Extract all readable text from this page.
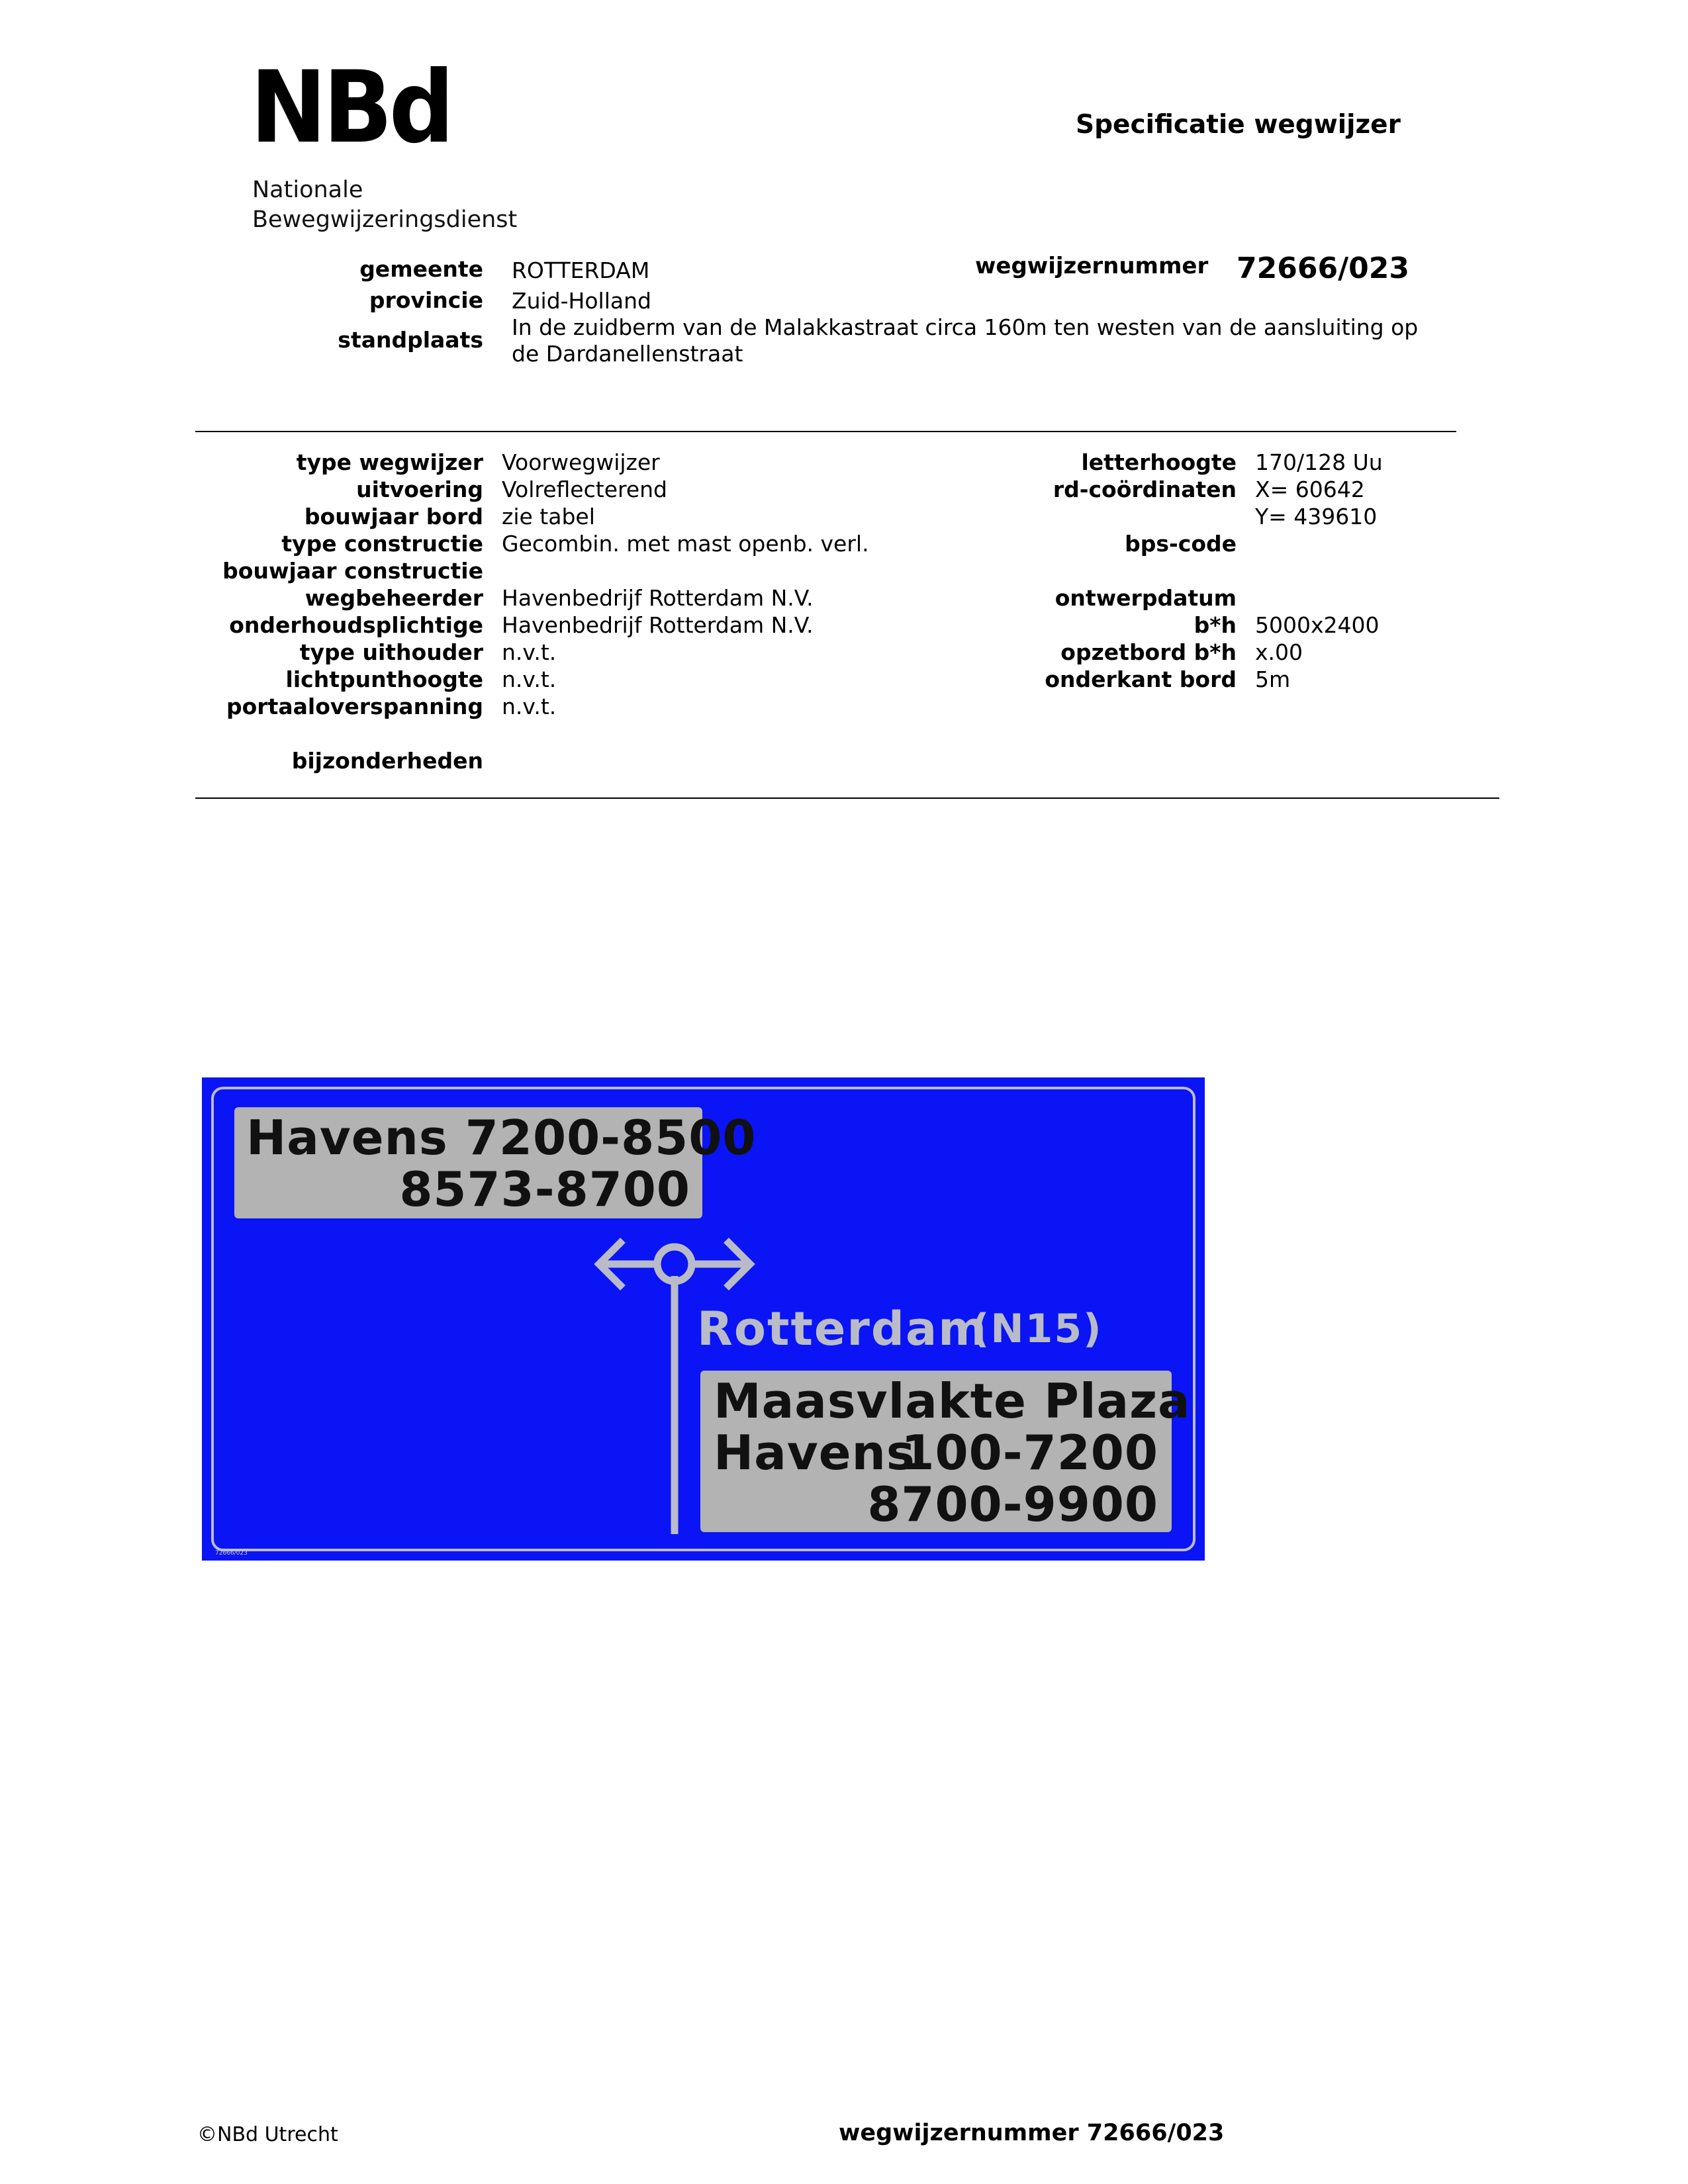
NBd
Nationale
Bewegwijzeringsdienst
Specificatie wegwijzer
gemeente ROTTERDAM	wegwijzernummer 72666/023
provincie Zuid-Holland
standplaats In de zuidberm van de Malakkastraat circa 160m ten westen van de aansluiting op
de Dardanellenstraat
type wegwijzer Voorwegwijzer
uitvoering Volreflecterend
bouwjaar bord zie tabel
type constructie Gecombin. met mast openb. verl.
bouwjaar constructie
wegbeheerder Havenbedrijf Rotterdam N.V.
onderhoudsplichtige Havenbedrijf Rotterdam N.V.
type uithouder n.v.t.
lichtpunthoogte n.v.t.
portaaloverspanning n.v.t.
bijzonderheden
letterhoogte 170/128 Uu
rd-coördinaten X= 60642
Y= 439610
bps-code
ontwerpdatum
b*h 5000x2400
opzetbord b*h x.00
onderkant bord 5m
Havens 7200-8500
8573-8700
Rotterdam
(N15)
Maasvlakte Plaza
Havens
100-7200
8700-9900
72666/023
©NBd Utrecht	wegwijzernummer 72666/023
